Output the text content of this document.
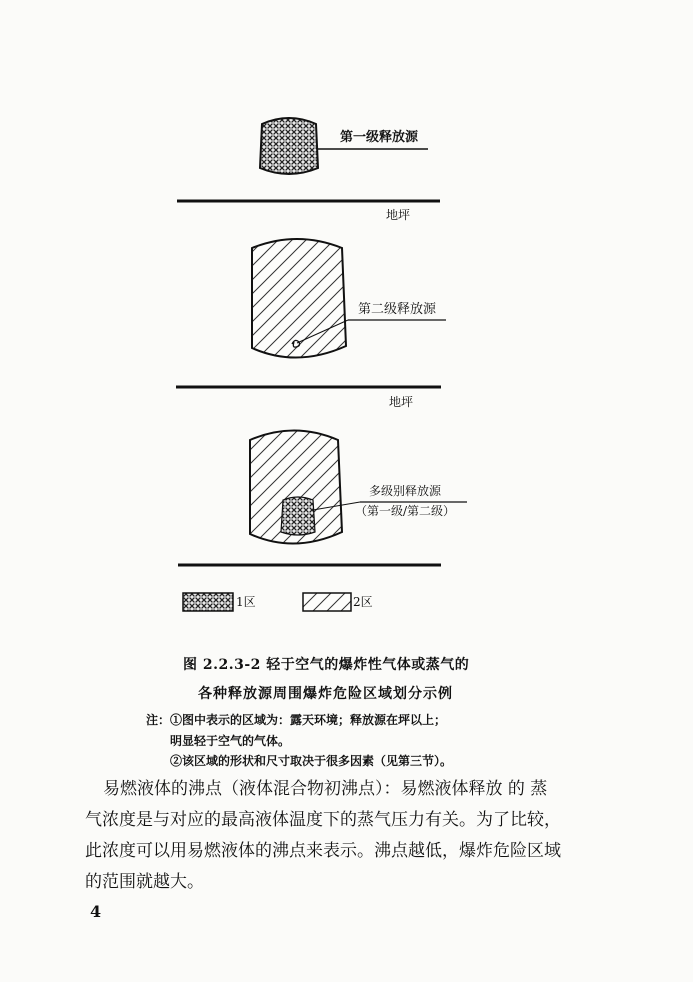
第一级释放源
地坪
第二级释放源
地坪
多级别释放源
（第一级/第二级）
1区	2区
图 2.2.3-2 轻于空气的爆炸性气体或蒸气的
各种释放源周围爆炸危险区域划分示例
注：①图中表示的区域为：露天环境；释放源在坪以上；
明显轻于空气的气体。
②该区域的形状和尺寸取决于很多因素（见第三节）。

易燃液体的沸点（液体混合物初沸点）：易燃液体释放 的 蒸

气浓度是与对应的最高液体温度下的蒸气压力有关。为了比较，

此浓度可以用易燃液体的沸点来表示。沸点越低，爆炸危险区域

的范围就越大。

4
